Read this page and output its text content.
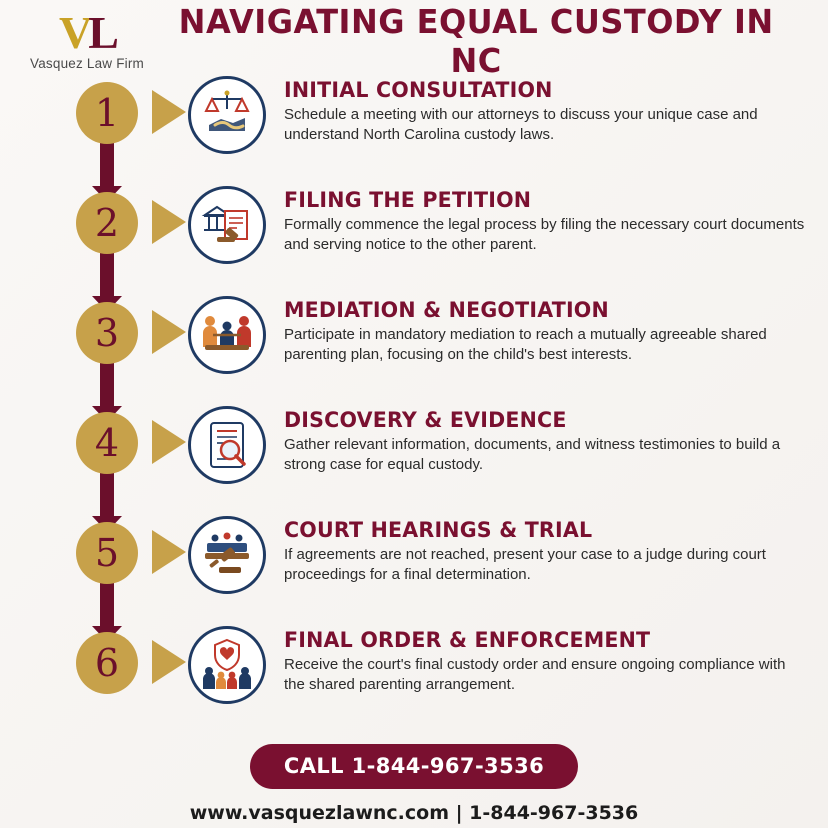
VL
Vasquez Law Firm
NAVIGATING EQUAL CUSTODY IN NC
1
INITIAL CONSULTATION
Schedule a meeting with our attorneys to discuss your unique case and understand North Carolina custody laws.
2
FILING THE PETITION
Formally commence the legal process by filing the necessary court documents and serving notice to the other parent.
3
MEDIATION & NEGOTIATION
Participate in mandatory mediation to reach a mutually agreeable shared parenting plan, focusing on the child's best interests.
4
DISCOVERY & EVIDENCE
Gather relevant information, documents, and witness testimonies to build a strong case for equal custody.
5
COURT HEARINGS & TRIAL
If agreements are not reached, present your case to a judge during court proceedings for a final determination.
6
FINAL ORDER & ENFORCEMENT
Receive the court's final custody order and ensure ongoing compliance with the shared parenting arrangement.
CALL 1-844-967-3536
www.vasquezlawnc.com | 1-844-967-3536
